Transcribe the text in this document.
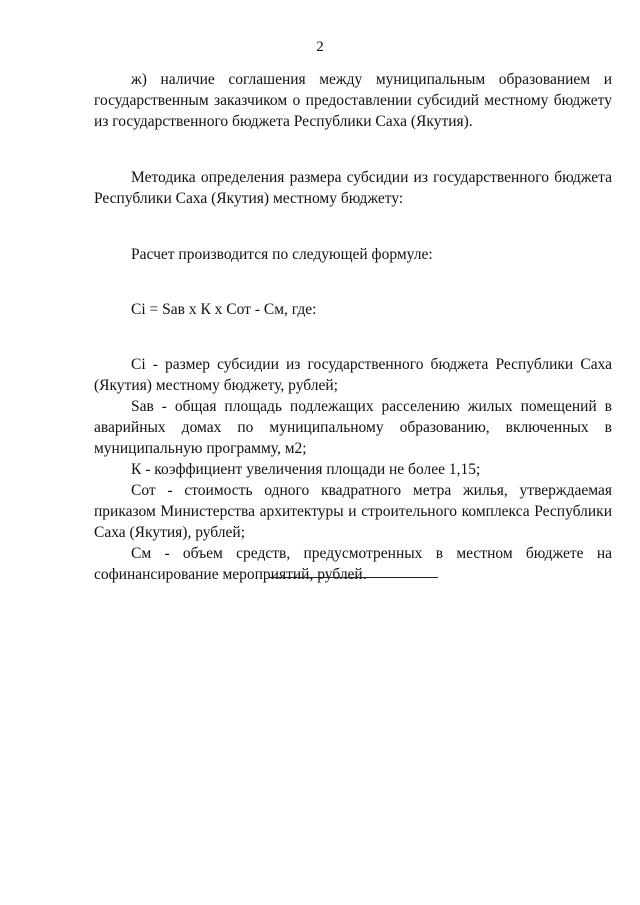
2

ж) наличие соглашения между муниципальным образованием и государственным заказчиком о предоставлении субсидий местному бюджету из государственного бюджета Республики Саха (Якутия).

Методика определения размера субсидии из государственного бюджета Республики Саха (Якутия) местному бюджету:

Расчет производится по следующей формуле:

Сi = Sав х К х Сот - См, где:

Сi - размер субсидии из государственного бюджета Республики Саха (Якутия) местному бюджету, рублей;

Sав - общая площадь подлежащих расселению жилых помещений в аварийных домах по муниципальному образованию, включенных в муниципальную программу, м2;

К - коэффициент увеличения площади не более 1,15;

Сот - стоимость одного квадратного метра жилья, утверждаемая приказом Министерства архитектуры и строительного комплекса Республики Саха (Якутия), рублей;

См - объем средств, предусмотренных в местном бюджете на софинансирование мероприятий, рублей.
